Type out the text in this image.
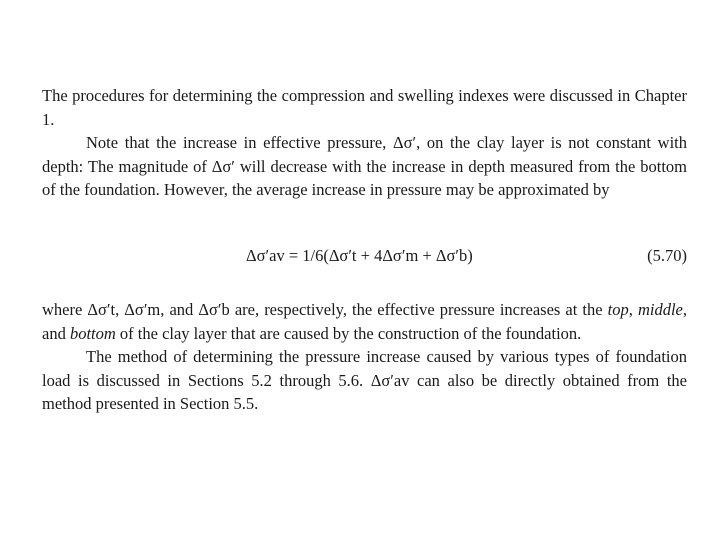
The procedures for determining the compression and swelling indexes were discussed in Chapter 1.

Note that the increase in effective pressure, Δσ′, on the clay layer is not constant with depth: The magnitude of Δσ′ will decrease with the increase in depth measured from the bottom of the foundation. However, the average increase in pressure may be approximated by

Δσ′av = 1/6(Δσ′t + 4Δσ′m + Δσ′b)	(5.70)

where Δσ′t, Δσ′m, and Δσ′b are, respectively, the effective pressure increases at the top, middle, and bottom of the clay layer that are caused by the construction of the foundation.

The method of determining the pressure increase caused by various types of foundation load is discussed in Sections 5.2 through 5.6. Δσ′av can also be directly obtained from the method presented in Section 5.5.
